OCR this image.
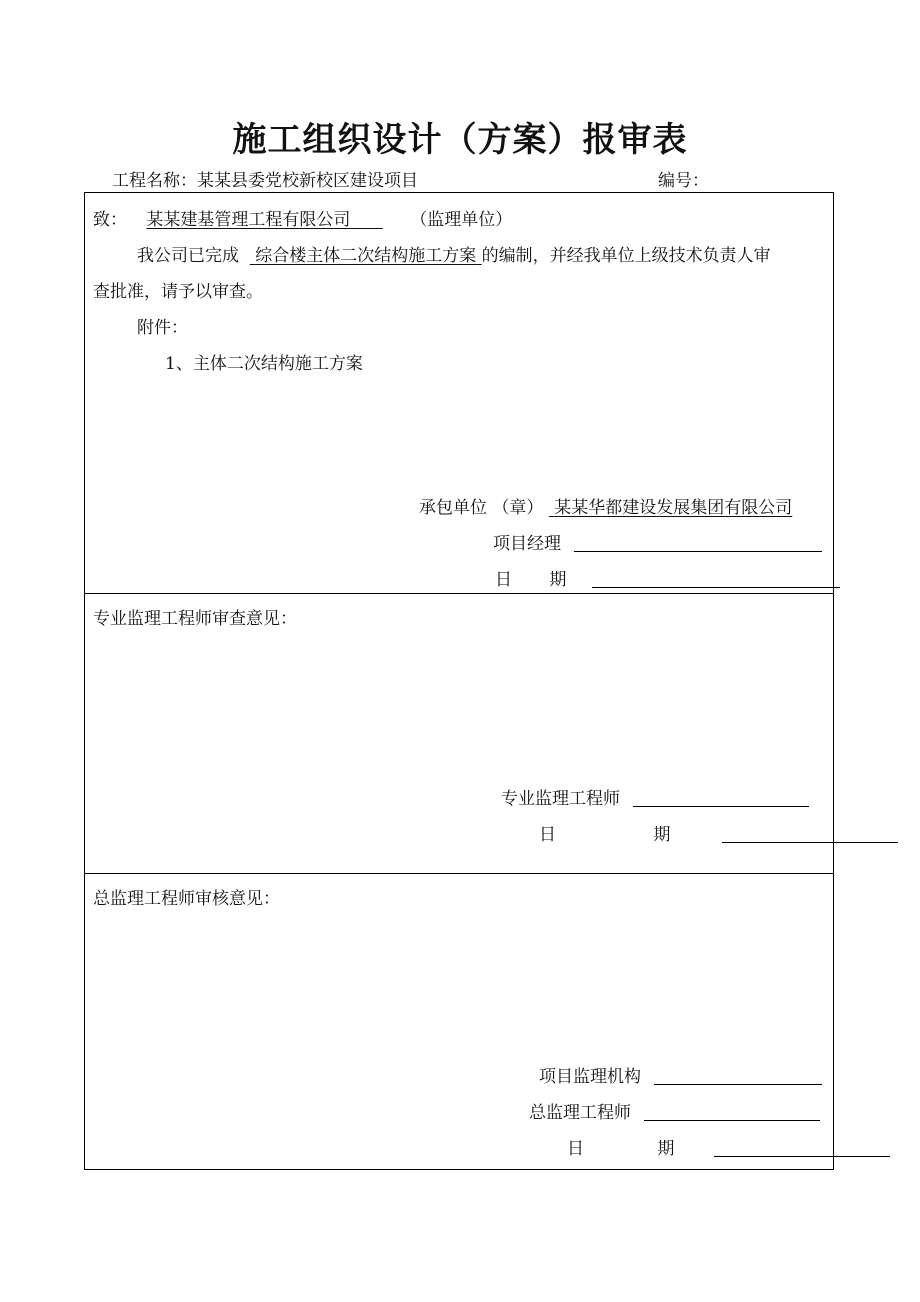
施工组织设计（方案）报审表
工程名称：某某县委党校新校区建设项目	编号：
致： 某某建基管理工程有限公司	（监理单位）
我公司已完成 综合楼主体二次结构施工方案 的编制，并经我单位上级技术负责人审
查批准，请予以审查。
附件：
1、主体二次结构施工方案
承包单位 （章） 某某华都建设发展集团有限公司
项目经理
日 期
专业监理工程师审查意见：
专业监理工程师
日 期
总监理工程师审核意见：
项目监理机构
总监理工程师
日 期
